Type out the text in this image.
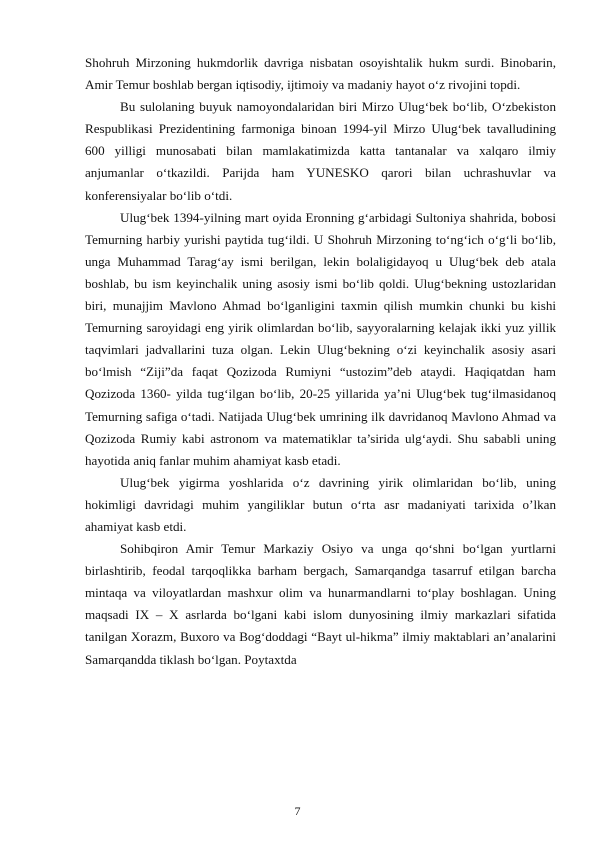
Shohruh Mirzoning hukmdorlik davriga nisbatan osoyishtalik hukm surdi. Binobarin, Amir Temur boshlab bergan iqtisodiy, ijtimoiy va madaniy hayot o‘z rivojini topdi.

Bu sulolaning buyuk namoyondalaridan biri Mirzo Ulug‘bek bo‘lib, O‘zbekiston Respublikasi Prezidentining farmoniga binoan 1994-yil Mirzo Ulug‘bek tavalludining 600 yilligi munosabati bilan mamlakatimizda katta tantanalar va xalqaro ilmiy anjumanlar o‘tkazildi. Parijda ham YUNESKO qarori bilan uchrashuvlar va konferensiyalar bo‘lib o‘tdi.

Ulug‘bek 1394-yilning mart oyida Eronning g‘arbidagi Sultoniya shahrida, bobosi Temurning harbiy yurishi paytida tug‘ildi. U Shohruh Mirzoning to‘ng‘ich o‘g‘li bo‘lib, unga Muhammad Tarag‘ay ismi berilgan, lekin bolaligidayoq u Ulug‘bek deb atala boshlab, bu ism keyinchalik uning asosiy ismi bo‘lib qoldi. Ulug‘bekning ustozlaridan biri, munajjim Mavlono Ahmad bo‘lganligini taxmin qilish mumkin chunki bu kishi Temurning saroyidagi eng yirik olimlardan bo‘lib, sayyoralarning kelajak ikki yuz yillik taqvimlari jadvallarini tuza olgan. Lekin Ulug‘bekning o‘zi keyinchalik asosiy asari bo‘lmish “Ziji”da faqat Qozizoda Rumiyni “ustozim”deb ataydi. Haqiqatdan ham Qozizoda 1360- yilda tug‘ilgan bo‘lib, 20-25 yillarida ya’ni Ulug‘bek tug‘ilmasidanoq Temurning safiga o‘tadi. Natijada Ulug‘bek umrining ilk davridanoq Mavlono Ahmad va Qozizoda Rumiy kabi astronom va matematiklar ta’sirida ulg‘aydi. Shu sababli uning hayotida aniq fanlar muhim ahamiyat kasb etadi.

Ulug‘bek yigirma yoshlarida o‘z davrining yirik olimlaridan bo‘lib, uning hokimligi davridagi muhim yangiliklar butun o‘rta asr madaniyati tarixida o’lkan ahamiyat kasb etdi.

Sohibqiron Amir Temur Markaziy Osiyo va unga qo‘shni bo‘lgan yurtlarni birlashtirib, feodal tarqoqlikka barham bergach, Samarqandga tasarruf etilgan barcha mintaqa va viloyatlardan mashxur olim va hunarmandlarni to‘play boshlagan. Uning maqsadi IX – X asrlarda bo‘lgani kabi islom dunyosining ilmiy markazlari sifatida tanilgan Xorazm, Buxoro va Bog‘doddagi “Bayt ul-hikma” ilmiy maktablari an’analarini Samarqandda tiklash bo‘lgan. Poytaxtda

7
